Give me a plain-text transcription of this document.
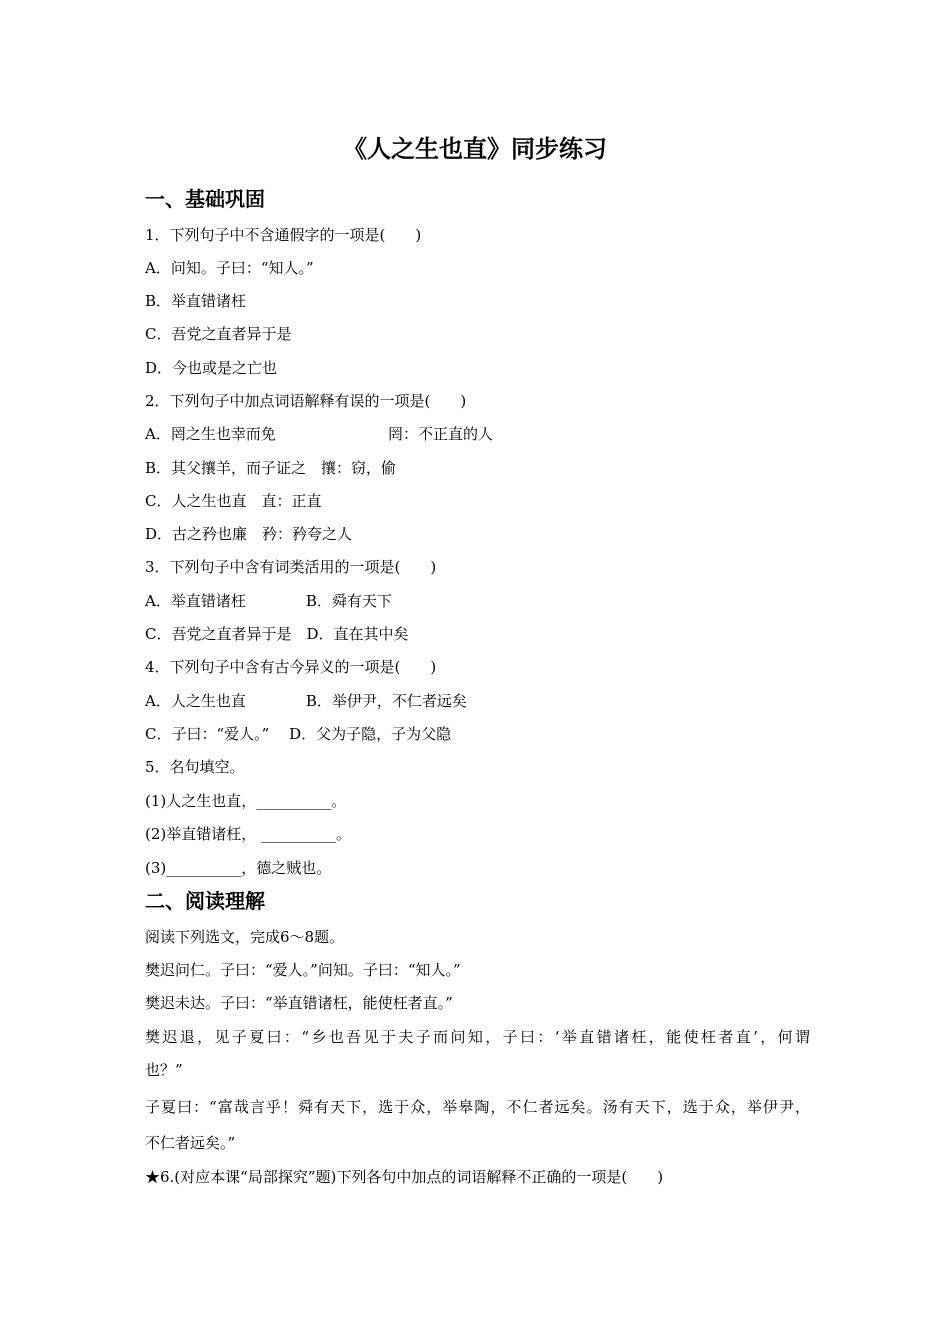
《人之生也直》同步练习
一、基础巩固

1．下列句子中不含通假字的一项是(　　)

A．问知。子曰：“知人。”

B．举直错诸枉

C．吾党之直者异于是

D．今也或是之亡也

2．下列句子中加点词语解释有误的一项是(　　)

A．罔之生也幸而免	罔：不正直的人

B．其父攘羊，而子证之　攘：窃，偷

C．人之生也直　直：正直

D．古之矜也廉　矜：矜夸之人

3．下列句子中含有词类活用的一项是(　　)

A．举直错诸枉　　　　B．舜有天下

C．吾党之直者异于是　D．直在其中矣

4．下列句子中含有古今异义的一项是(　　)

A．人之生也直　　　　B．举伊尹，不仁者远矣

C．子曰：“爱人。”　 D．父为子隐，子为父隐

5．名句填空。

(1)人之生也直，__________。

(2)举直错诸枉， __________。

(3)__________，德之贼也。

二、阅读理解

阅读下列选文，完成6～8题。

樊迟问仁。子曰：“爱人。”问知。子曰：“知人。”

樊迟未达。子曰：“举直错诸枉，能使枉者直。”

樊迟退，见子夏曰：“乡也吾见于夫子而问知，子曰：‘举直错诸枉，能使枉者直’，何谓

也？”

子夏曰：“富哉言乎！舜有天下，选于众，举皋陶，不仁者远矣。汤有天下，选于众，举伊尹，

不仁者远矣。”

★6.(对应本课“局部探究”题)下列各句中加点的词语解释不正确的一项是(　　)
